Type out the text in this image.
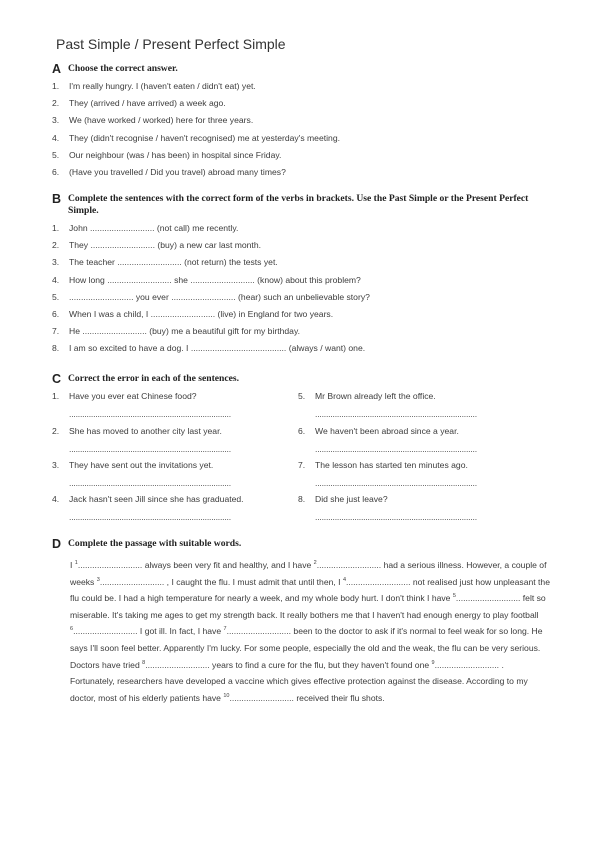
Past Simple / Present Perfect Simple
A Choose the correct answer.
1.	I'm really hungry. I (haven't eaten / didn't eat) yet.
2.	They (arrived / have arrived) a week ago.
3.	We (have worked / worked) here for three years.
4.	They (didn't recognise / haven't recognised) me at yesterday's meeting.
5.	Our neighbour (was / has been) in hospital since Friday.
6.	(Have you travelled / Did you travel) abroad many times?
B Complete the sentences with the correct form of the verbs in brackets. Use the Past Simple or the Present Perfect Simple.
1.	John ........................... (not call) me recently.
2.	They ........................... (buy) a new car last month.
3.	The teacher ........................... (not return) the tests yet.
4.	How long ........................... she ........................... (know) about this problem?
5.	........................... you ever ........................... (hear) such an unbelievable story?
6.	When I was a child, I ........................... (live) in England for two years.
7.	He ........................... (buy) me a beautiful gift for my birthday.
8.	I am so excited to have a dog. I ........................................ (always / want) one.
C Correct the error in each of the sentences.
1.	Have you ever eat Chinese food?
..........................................................................
2.	She has moved to another city last year.
..........................................................................
3.	They have sent out the invitations yet.
..........................................................................
4.	Jack hasn't seen Jill since she has graduated.
..........................................................................
5.	Mr Brown already left the office.
..........................................................................
6.	We haven't been abroad since a year.
..........................................................................
7.	The lesson has started ten minutes ago.
..........................................................................
8.	Did she just leave?
..........................................................................
D Complete the passage with suitable words.

I $^1$........................... always been very fit and healthy, and I have $^2$........................... had a serious illness. However, a couple of weeks $^3$........................... , I caught the flu. I must admit that until then, I $^4$........................... not realised just how unpleasant the flu could be. I had a high temperature for nearly a week, and my whole body hurt. I don't think I have $^5$........................... felt so miserable. It's taking me ages to get my strength back. It really bothers me that I haven't had enough energy to play football $^6$........................... I got ill. In fact, I have $^7$........................... been to the doctor to ask if it's normal to feel weak for so long. He says I'll soon feel better. Apparently I'm lucky. For some people, especially the old and the weak, the flu can be very serious. Doctors have tried $^8$........................... years to find a cure for the flu, but they haven't found one $^9$........................... . Fortunately, researchers have developed a vaccine which gives effective protection against the disease. According to my doctor, most of his elderly patients have $^{10}$........................... received their flu shots.
